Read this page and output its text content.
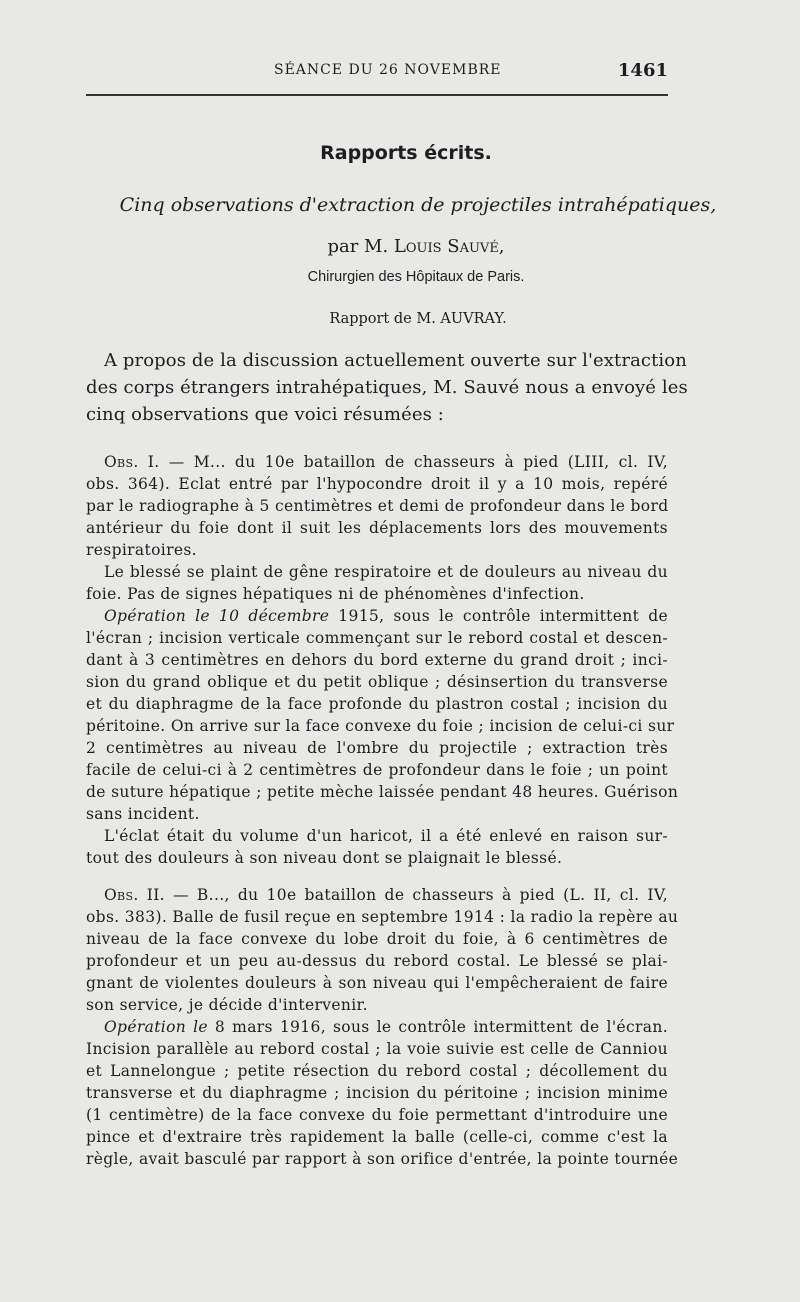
SÉANCE DU 26 NOVEMBRE	1461
Rapports écrits.
Cinq observations d'extraction de projectiles intrahépatiques,
par M. Louis Sauvé,
Chirurgien des Hôpitaux de Paris.
Rapport de M. AUVRAY.
A propos de la discussion actuellement ouverte sur l'extraction
des corps étrangers intrahépatiques, M. Sauvé nous a envoyé les
cinq observations que voici résumées :
Obs. I. — M... du 10e bataillon de chasseurs à pied (LIII, cl. IV,
obs. 364). Eclat entré par l'hypocondre droit il y a 10 mois, repéré
par le radiographe à 5 centimètres et demi de profondeur dans le bord
antérieur du foie dont il suit les déplacements lors des mouvements
respiratoires.
Le blessé se plaint de gêne respiratoire et de douleurs au niveau du
foie. Pas de signes hépatiques ni de phénomènes d'infection.
Opération le 10 décembre 1915, sous le contrôle intermittent de
l'écran ; incision verticale commençant sur le rebord costal et descen-
dant à 3 centimètres en dehors du bord externe du grand droit ; inci-
sion du grand oblique et du petit oblique ; désinsertion du transverse
et du diaphragme de la face profonde du plastron costal ; incision du
péritoine. On arrive sur la face convexe du foie ; incision de celui-ci sur
2 centimètres au niveau de l'ombre du projectile ; extraction très
facile de celui-ci à 2 centimètres de profondeur dans le foie ; un point
de suture hépatique ; petite mèche laissée pendant 48 heures. Guérison
sans incident.
L'éclat était du volume d'un haricot, il a été enlevé en raison sur-
tout des douleurs à son niveau dont se plaignait le blessé.
Obs. II. — B..., du 10e bataillon de chasseurs à pied (L. II, cl. IV,
obs. 383). Balle de fusil reçue en septembre 1914 : la radio la repère au
niveau de la face convexe du lobe droit du foie, à 6 centimètres de
profondeur et un peu au-dessus du rebord costal. Le blessé se plai-
gnant de violentes douleurs à son niveau qui l'empêcheraient de faire
son service, je décide d'intervenir.
Opération le 8 mars 1916, sous le contrôle intermittent de l'écran.
Incision parallèle au rebord costal ; la voie suivie est celle de Canniou
et Lannelongue ; petite résection du rebord costal ; décollement du
transverse et du diaphragme ; incision du péritoine ; incision minime
(1 centimètre) de la face convexe du foie permettant d'introduire une
pince et d'extraire très rapidement la balle (celle-ci, comme c'est la
règle, avait basculé par rapport à son orifice d'entrée, la pointe tournée
